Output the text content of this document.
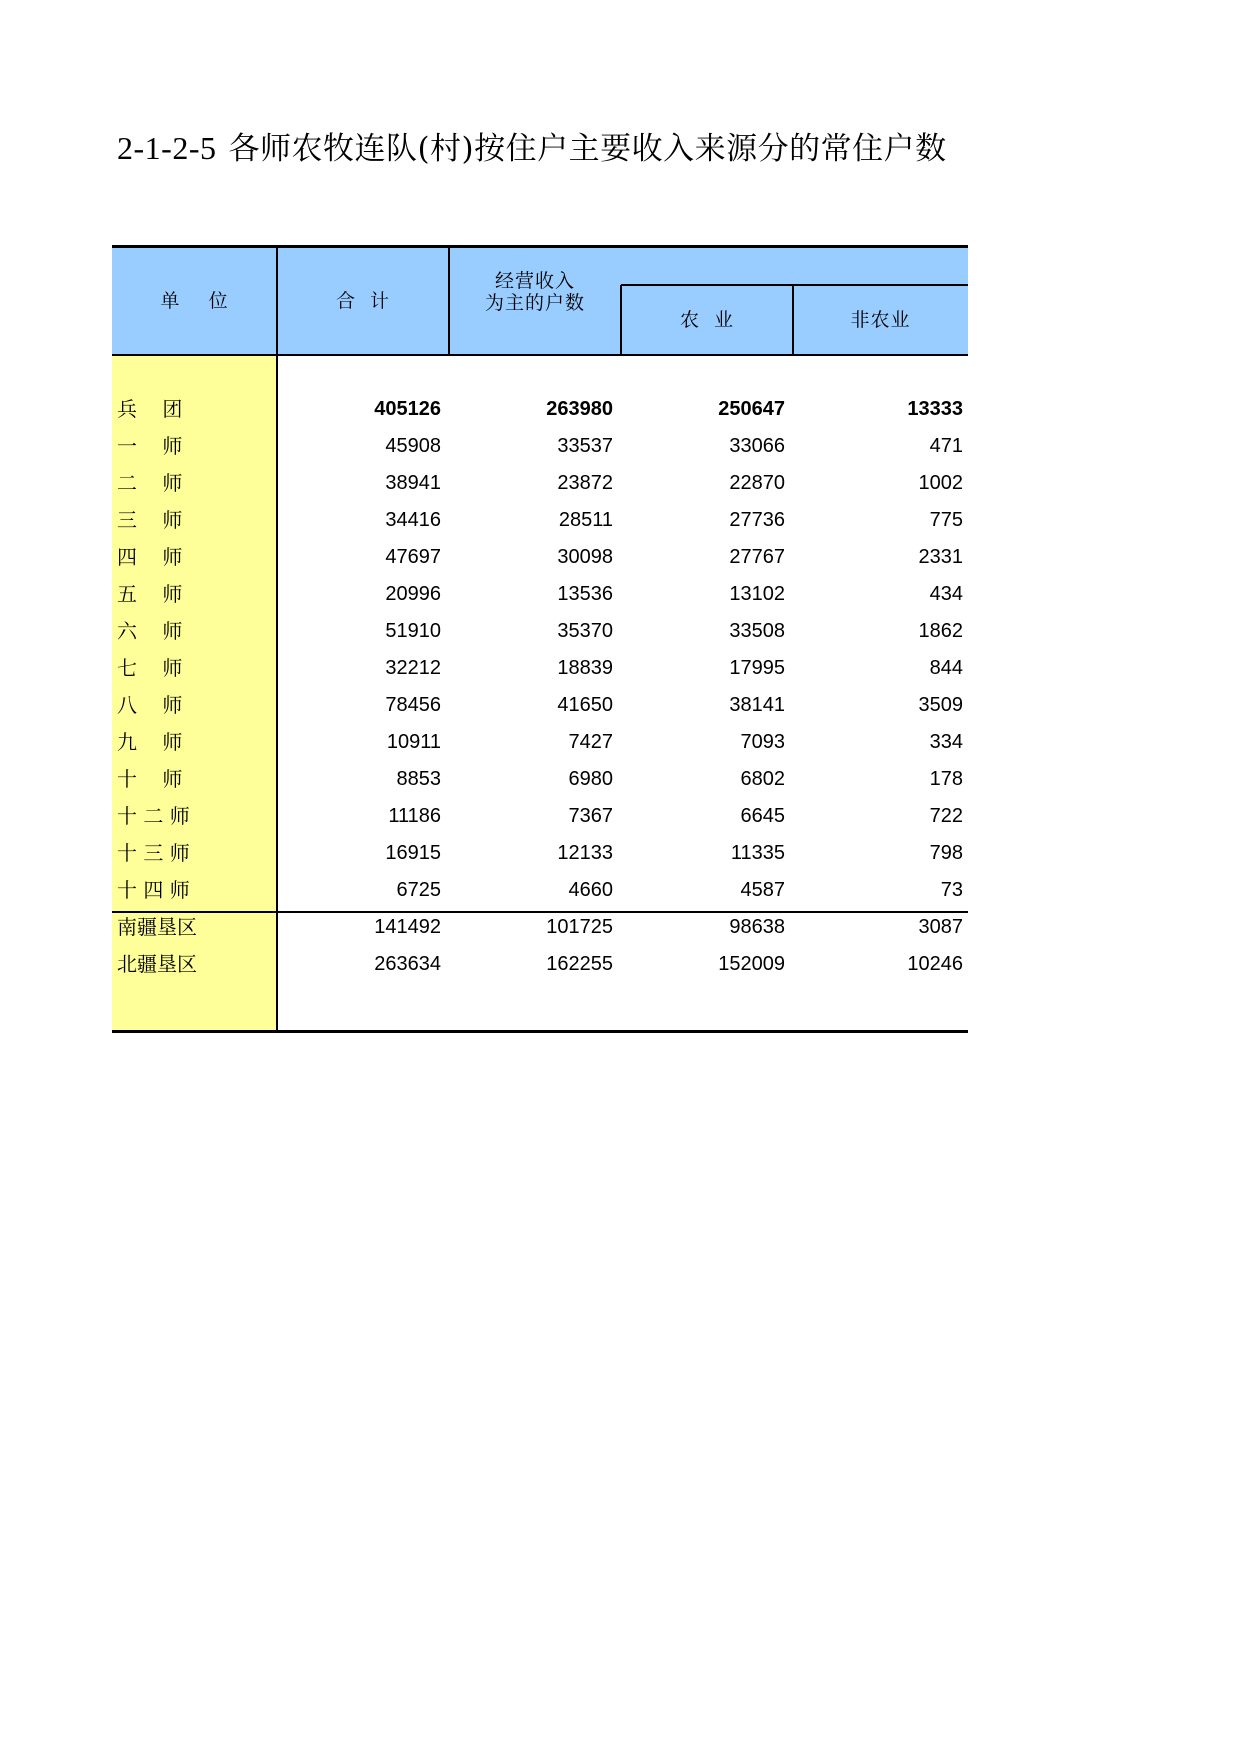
2-1-2-5 各师农牧连队(村)按住户主要收入来源分的常住户数
单    位	合  计
经营收入
为主的户数
农  业	非农业
兵    团	405126	263980	250647	13333
一    师	45908	33537	33066	471
二    师	38941	23872	22870	1002
三    师	34416	28511	27736	775
四    师	47697	30098	27767	2331
五    师	20996	13536	13102	434
六    师	51910	35370	33508	1862
七    师	32212	18839	17995	844
八    师	78456	41650	38141	3509
九    师	10911	7427	7093	334
十    师	8853	6980	6802	178
十 二 师	11186	7367	6645	722
十 三 师	16915	12133	11335	798
十 四 师	6725	4660	4587	73
南疆垦区	141492	101725	98638	3087
北疆垦区	263634	162255	152009	10246
